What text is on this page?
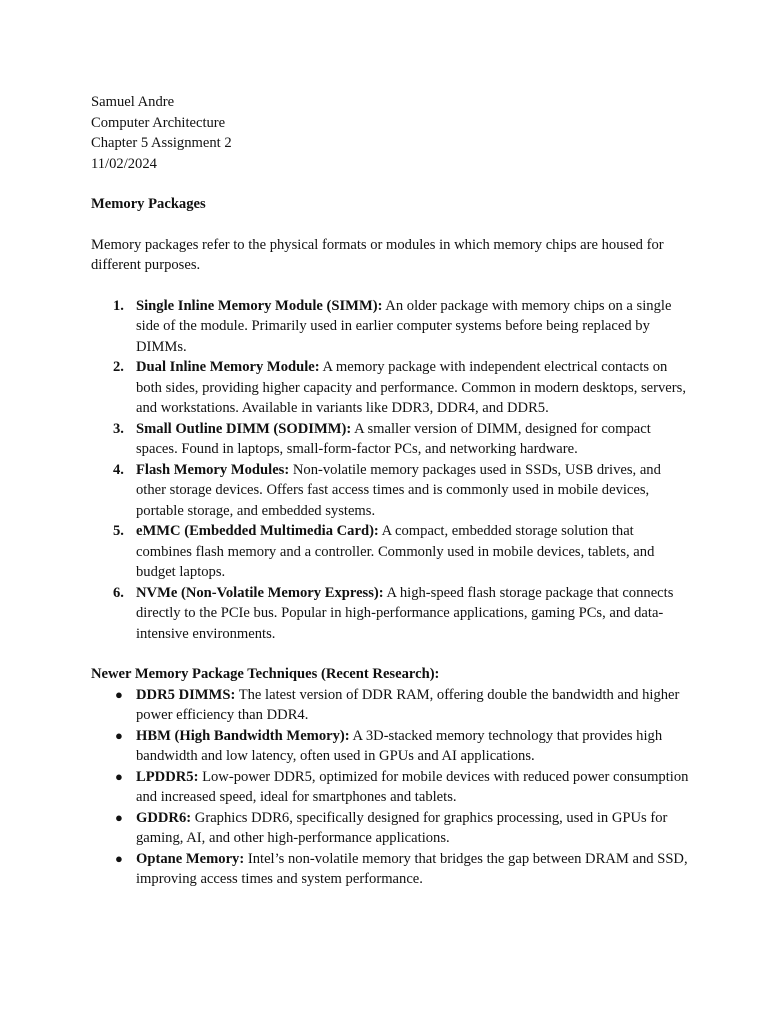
Samuel Andre

Computer Architecture

Chapter 5 Assignment 2

11/02/2024

Memory Packages

Memory packages refer to the physical formats or modules in which memory chips are housed for different purposes.

1. Single Inline Memory Module (SIMM): An older package with memory chips on a single side of the module. Primarily used in earlier computer systems before being replaced by DIMMs.
2. Dual Inline Memory Module: A memory package with independent electrical contacts on both sides, providing higher capacity and performance. Common in modern desktops, servers, and workstations. Available in variants like DDR3, DDR4, and DDR5.
3. Small Outline DIMM (SODIMM): A smaller version of DIMM, designed for compact spaces. Found in laptops, small-form-factor PCs, and networking hardware.
4. Flash Memory Modules: Non-volatile memory packages used in SSDs, USB drives, and other storage devices. Offers fast access times and is commonly used in mobile devices, portable storage, and embedded systems.
5. eMMC (Embedded Multimedia Card): A compact, embedded storage solution that combines flash memory and a controller. Commonly used in mobile devices, tablets, and budget laptops.
6. NVMe (Non-Volatile Memory Express): A high-speed flash storage package that connects directly to the PCIe bus. Popular in high-performance applications, gaming PCs, and data-intensive environments.

Newer Memory Package Techniques (Recent Research):

● DDR5 DIMMS: The latest version of DDR RAM, offering double the bandwidth and higher power efficiency than DDR4.
● HBM (High Bandwidth Memory): A 3D-stacked memory technology that provides high bandwidth and low latency, often used in GPUs and AI applications.
● LPDDR5: Low-power DDR5, optimized for mobile devices with reduced power consumption and increased speed, ideal for smartphones and tablets.
● GDDR6: Graphics DDR6, specifically designed for graphics processing, used in GPUs for gaming, AI, and other high-performance applications.
● Optane Memory: Intel’s non-volatile memory that bridges the gap between DRAM and SSD, improving access times and system performance.
